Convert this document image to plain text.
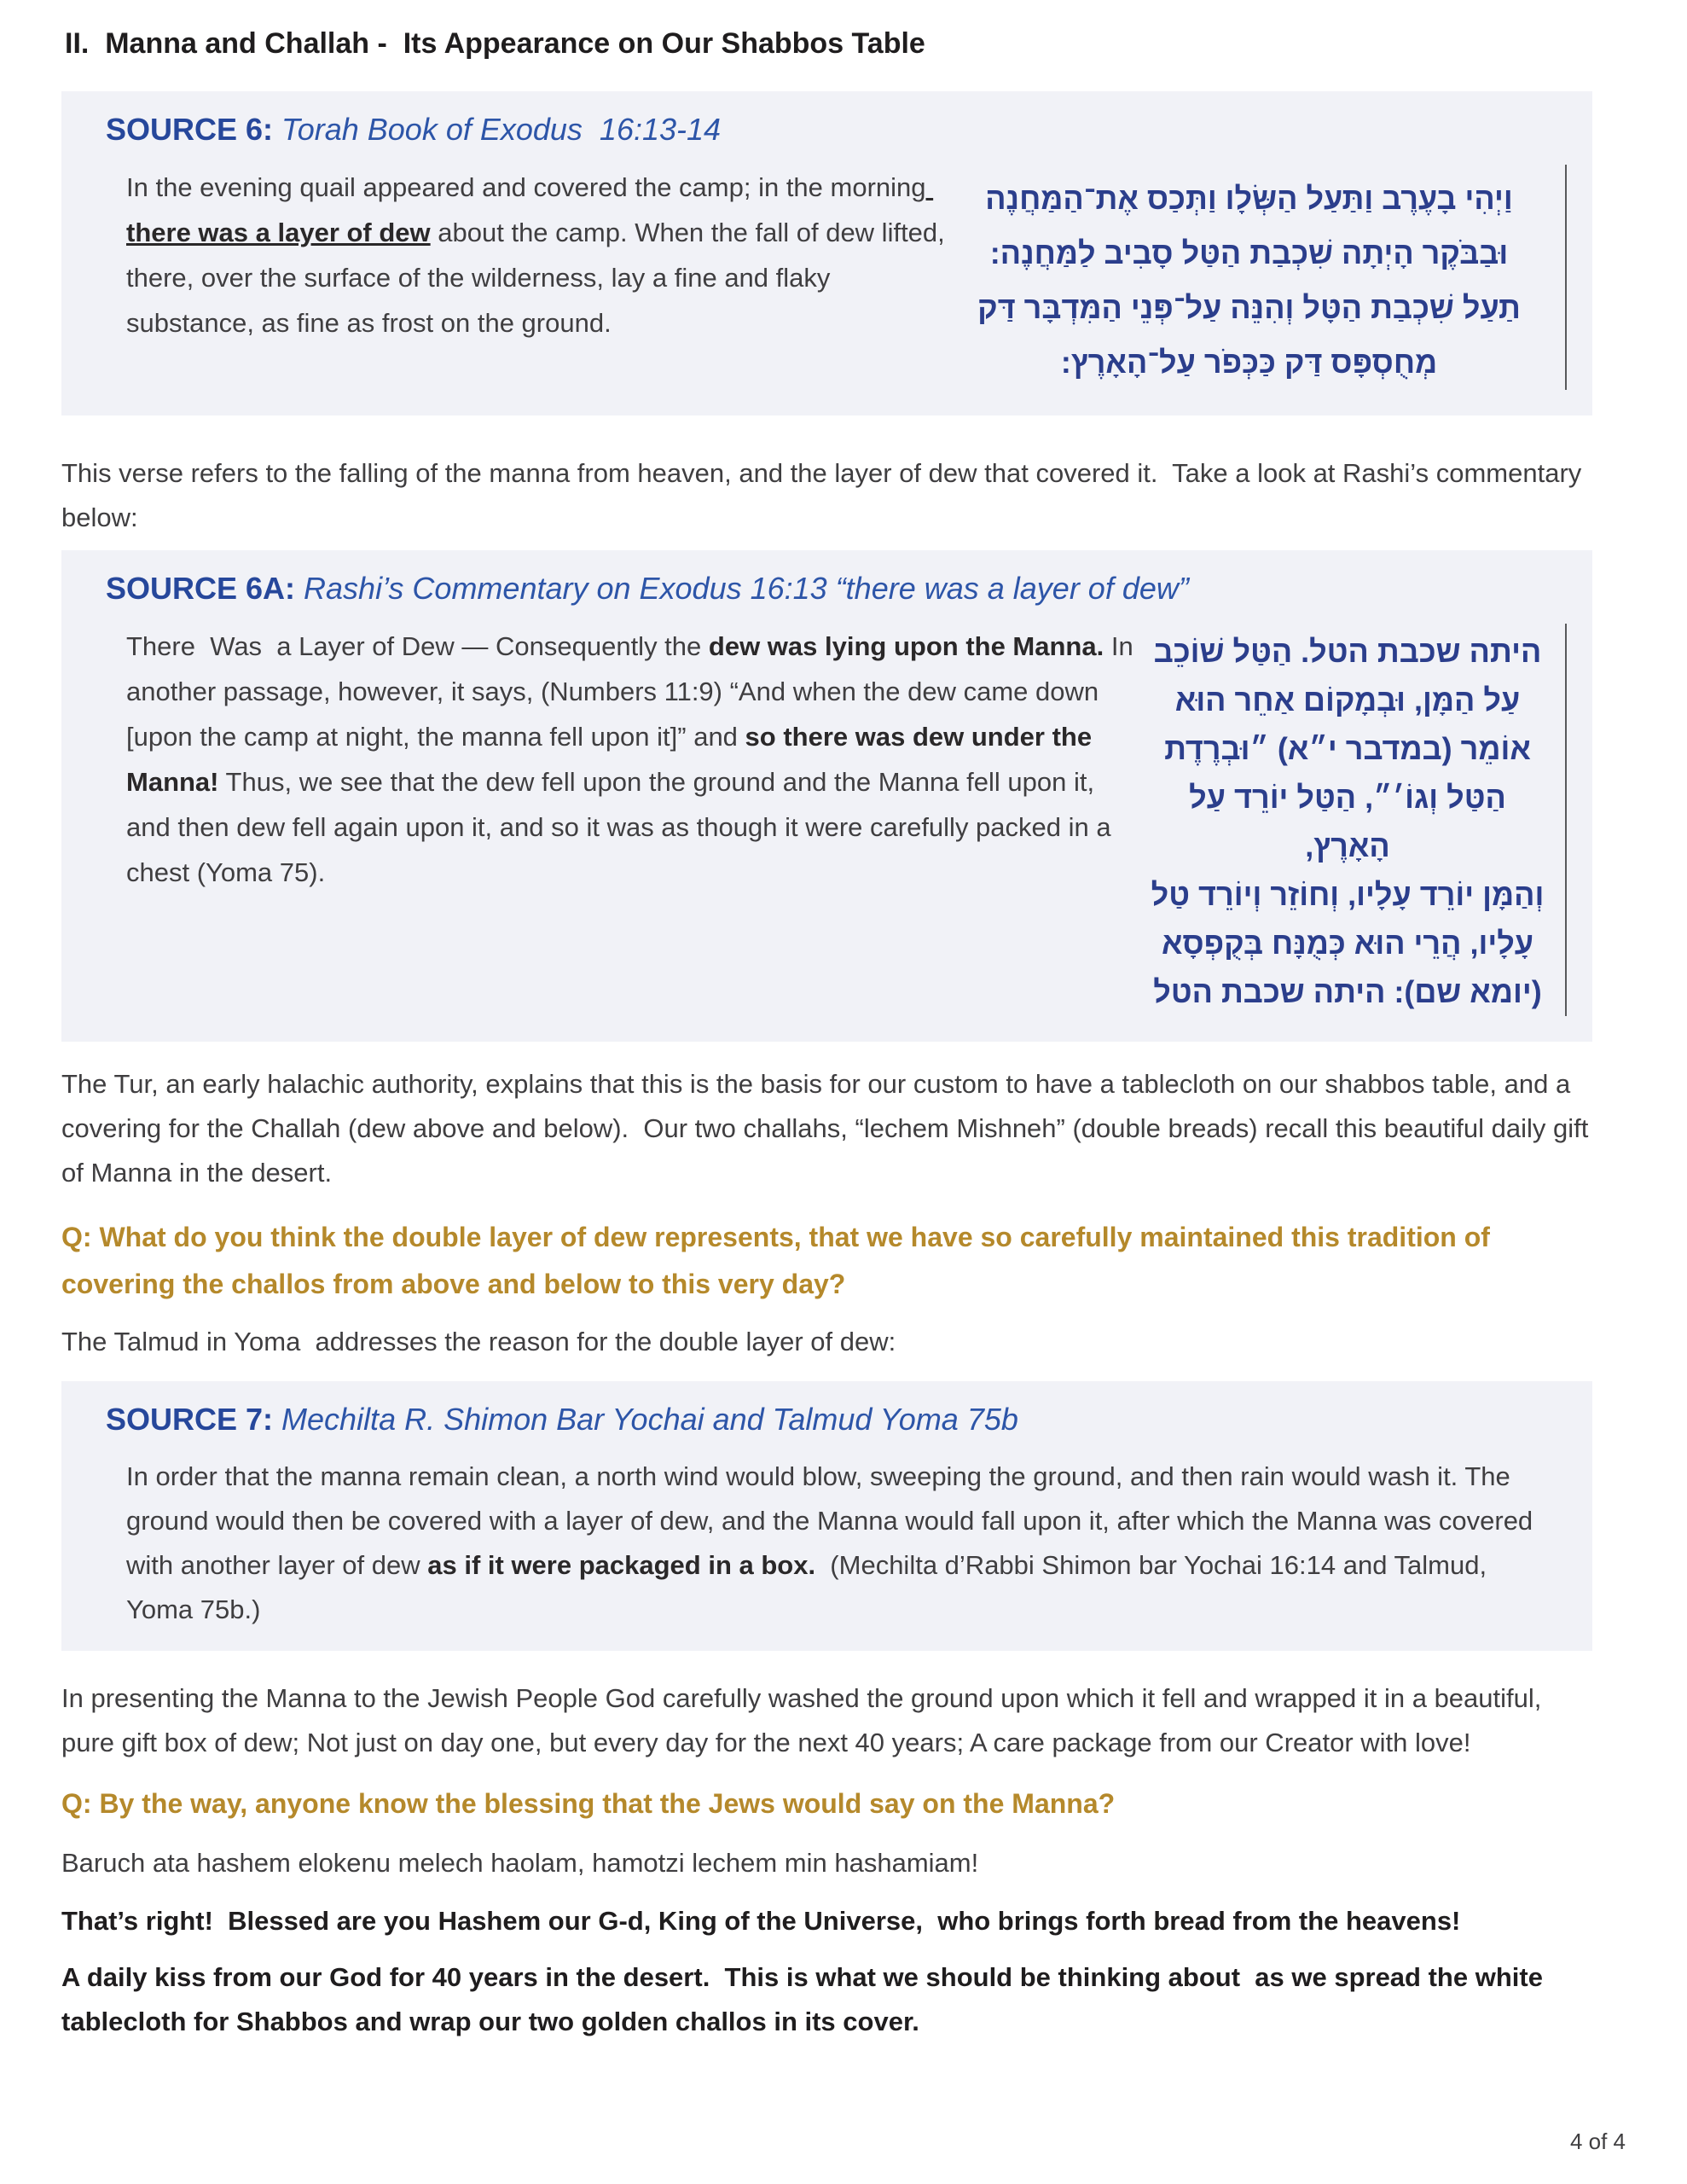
II.  Manna and Challah -  Its Appearance on Our Shabbos Table
SOURCE 6: Torah Book of Exodus  16:13-14
In the evening quail appeared and covered the camp; in the morning there was a layer of dew about the camp. When the fall of dew lifted, there, over the surface of the wilderness, lay a fine and flaky substance, as fine as frost on the ground.
וַיְהִי בָעֶרֶב וַתַּעַל הַשְּׂלָו וַתְּכַס אֶת־הַמַּחֲנֶה
וּבַבֹּקֶר הָיְתָה שִׁכְבַת הַטַּל סָבִיב לַמַּחֲנֶה:
תַעַל שִׁכְבַת הַטָּל וְהִנֵּה עַל־פְּנֵי הַמִּדְבָּר דַּק
מְחֻסְפָּס דַּק כַּכְּפֹר עַל־הָאָרֶץ:

This verse refers to the falling of the manna from heaven, and the layer of dew that covered it.  Take a look at Rashi’s commentary below:

SOURCE 6A: Rashi’s Commentary on Exodus 16:13 “there was a layer of dew”
There  Was  a Layer of Dew — Consequently the dew was lying upon the Manna. In another passage, however, it says, (Numbers 11:9) “And when the dew came down [upon the camp at night, the manna fell upon it]” and so there was dew under the Manna! Thus, we see that the dew fell upon the ground and the Manna fell upon it, and then dew fell again upon it, and so it was as though it were carefully packed in a chest (Yoma 75).
היתה שכבת הטל. הַטַּל שׁוֹכֵב
עַל הַמָּן, וּבְמָקוֹם אַחֵר הוּא
אוֹמֵר (במדבר י״א) ״וּבְרֶדֶת
הַטַּל וְגוֹ׳״, הַטַּל יוֹרֵד עַל הָאָרֶץ,
וְהַמָּן יוֹרֵד עָלָיו, וְחוֹזֵר וְיוֹרֵד טַל
עָלָיו, הֲרֵי הוּא כְּמֻנָּח בְּקֻפְסָא
(יומא שם): היתה שכבת הטל

The Tur, an early halachic authority, explains that this is the basis for our custom to have a tablecloth on our shabbos table, and a covering for the Challah (dew above and below).  Our two challahs, “lechem Mishneh” (double breads) recall this beautiful daily gift of Manna in the desert.

Q: What do you think the double layer of dew represents, that we have so carefully maintained this tradition of covering the challos from above and below to this very day?

The Talmud in Yoma  addresses the reason for the double layer of dew:

SOURCE 7: Mechilta R. Shimon Bar Yochai and Talmud Yoma 75b
In order that the manna remain clean, a north wind would blow, sweeping the ground, and then rain would wash it. The ground would then be covered with a layer of dew, and the Manna would fall upon it, after which the Manna was covered with another layer of dew as if it were packaged in a box.  (Mechilta d’Rabbi Shimon bar Yochai 16:14 and Talmud, Yoma 75b.)

In presenting the Manna to the Jewish People God carefully washed the ground upon which it fell and wrapped it in a beautiful, pure gift box of dew; Not just on day one, but every day for the next 40 years; A care package from our Creator with love!

Q: By the way, anyone know the blessing that the Jews would say on the Manna?

Baruch ata hashem elokenu melech haolam, hamotzi lechem min hashamiam!

That’s right!  Blessed are you Hashem our G-d, King of the Universe,  who brings forth bread from the heavens!

A daily kiss from our God for 40 years in the desert.  This is what we should be thinking about  as we spread the white tablecloth for Shabbos and wrap our two golden challos in its cover.

4 of 4
